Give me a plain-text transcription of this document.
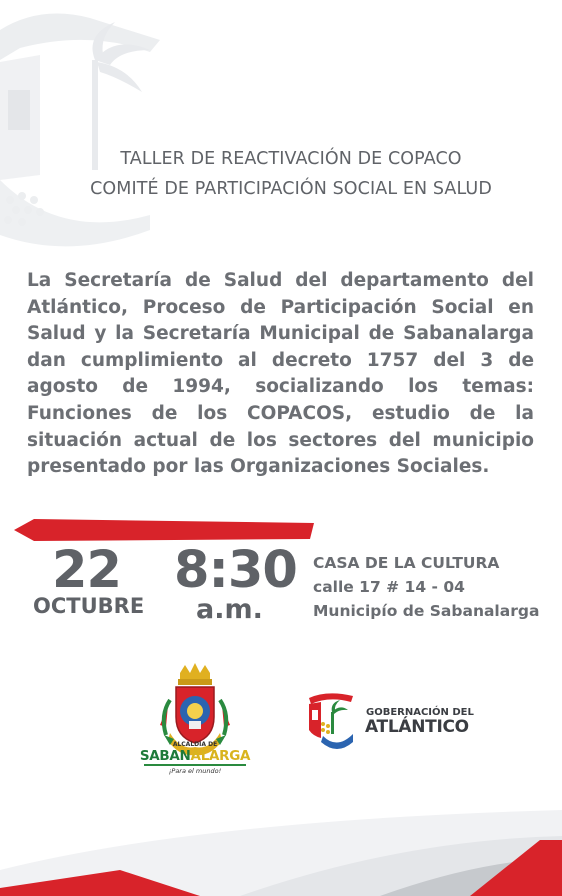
TALLER DE REACTIVACIÓN DE COPACO
COMITÉ DE PARTICIPACIÓN SOCIAL EN SALUD
La Secretaría de Salud del departamento del
Atlántico, Proceso de Participación Social en
Salud y la Secretaría Municipal de Sabanalarga
dan cumplimiento al decreto 1757 del 3 de
agosto de 1994, socializando los temas:
Funciones de los COPACOS, estudio de la
situación actual de los sectores del municipio
presentado por las Organizaciones Sociales.
22
OCTUBRE
8:30
a.m.
CASA DE LA CULTURA
calle 17 # 14 - 04
Municipío de Sabanalarga
ALCALDÍA DE
SABANALARGA
¡Para el mundo!
GOBERNACIÓN DEL
ATLÁNTICO
